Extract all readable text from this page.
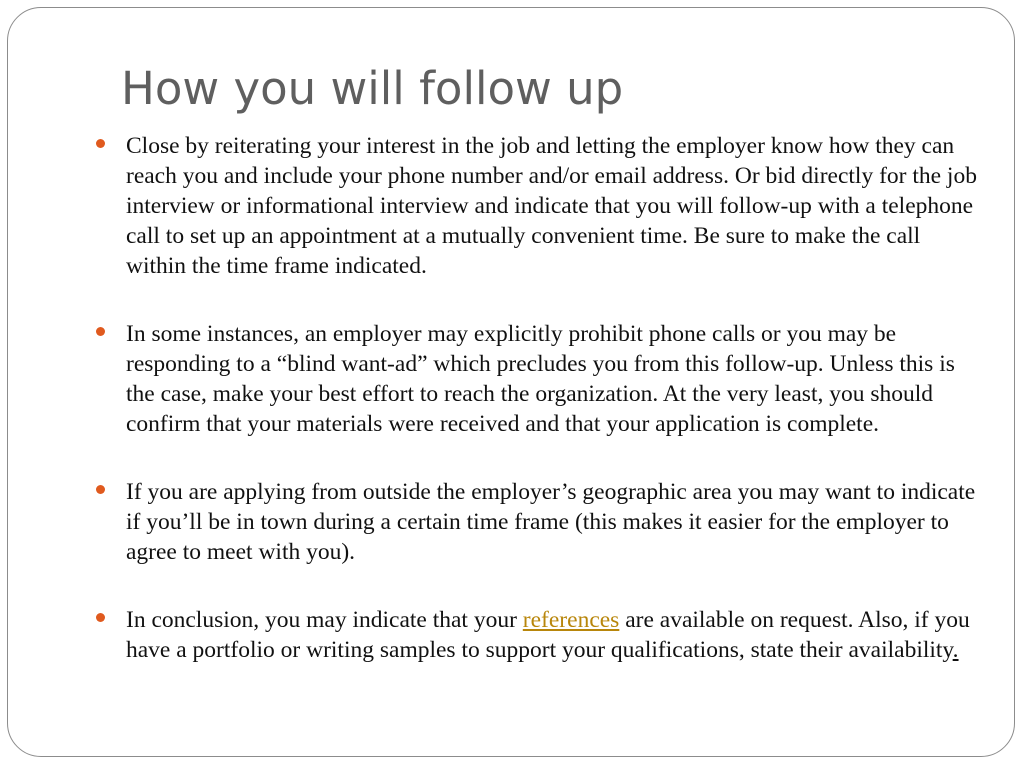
How you will follow up
Close by reiterating your interest in the job and letting the employer know how they can reach you and include your phone number and/or email address. Or bid directly for the job interview or informational interview and indicate that you will follow-up with a telephone call to set up an appointment at a mutually convenient time. Be sure to make the call within the time frame indicated.
In some instances, an employer may explicitly prohibit phone calls or you may be responding to a “blind want-ad” which precludes you from this follow-up. Unless this is the case, make your best effort to reach the organization. At the very least, you should confirm that your materials were received and that your application is complete.
If you are applying from outside the employer’s geographic area you may want to indicate if you’ll be in town during a certain time frame (this makes it easier for the employer to agree to meet with you).
In conclusion, you may indicate that your references are available on request. Also, if you have a portfolio or writing samples to support your qualifications, state their availability.
